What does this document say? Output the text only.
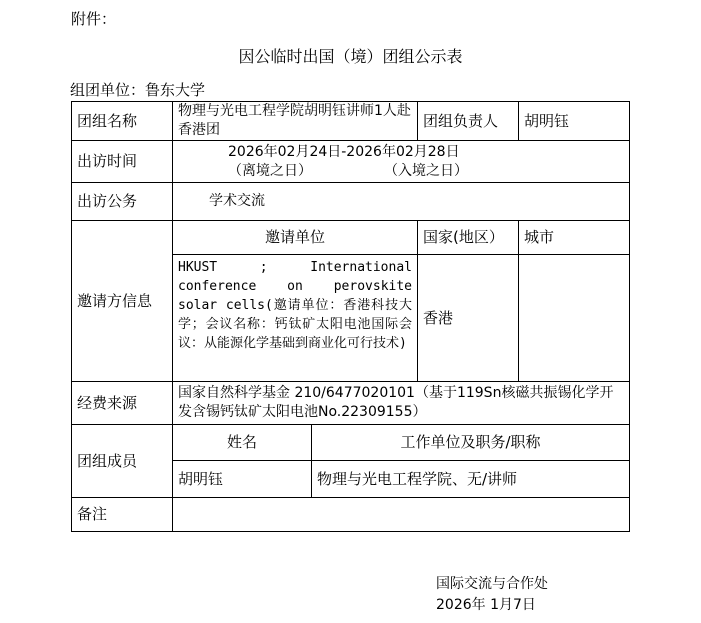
附件：
因公临时出国（境）团组公示表
组团单位：鲁东大学
团组名称	物理与光电工程学院胡明钰讲师1人赴香港团		团组负责人	胡明钰
出访时间	2026年02月24日-2026年02月28日
（离境之日） （入境之日）			

出访公务	学术交流			
邀请方信息	邀请单位		国家(地区）	城市
	HKUST ; International conference on perovskite solar cells(邀请单位：香港科技大学；会议名称：钙钛矿太阳电池国际会议：从能源化学基础到商业化可行技术)		香港	
经费来源	国家自然科学基金 210/6477020101（基于119Sn核磁共振锡化学开发含锡钙钛矿太阳电池No.22309155）			
团组成员	姓名	工作单位及职务/职称		
	胡明钰	物理与光电工程学院、无/讲师		
备注				
国际交流与合作处
2026年 1月7日
